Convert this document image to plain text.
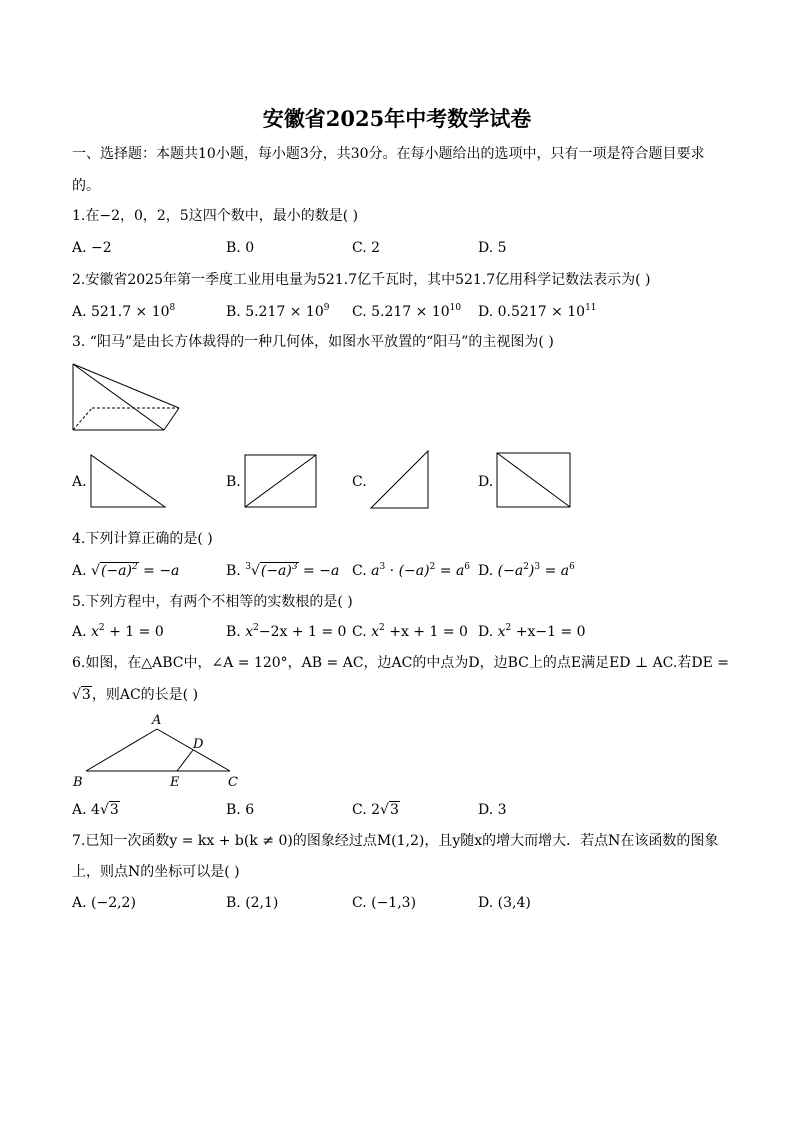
安徽省2025年中考数学试卷
一、选择题：本题共10小题，每小题3分，共30分。在每小题给出的选项中，只有一项是符合题目要求
的。
1.在−2，0，2，5这四个数中，最小的数是( )
A. −2	B. 0	C. 2	D. 5
2.安徽省2025年第一季度工业用电量为521.7亿千瓦时，其中521.7亿用科学记数法表示为( )
A. $521.7 \times 10^8$	B. $5.217 \times 10^9$ C. $5.217 \times 10^{10}$ D. $0.5217 \times 10^{11}$
3. “阳马”是由长方体裁得的一种几何体，如图水平放置的“阳马”的主视图为( )
A.	B.	C.	D.
4.下列计算正确的是( )
A. $√(-a)^2 = -a$	B. $^3√(-a)^3 = -a$ C. $a^3 \cdot (-a)^2 = a^6$ D. $(-a^2)^3 = a^6$
5.下列方程中，有两个不相等的实数根的是( )
A. $x^2 + 1 = 0$	B. $x^2-2x + 1 = 0$ C. $x^2 +x + 1 = 0$ D. $x^2 +x-1 = 0$
6.如图，在△ABC中，∠A = 120°，AB = AC，边AC的中点为D，边BC上的点E满足ED ⊥ AC.若DE =
√3，则AC的长是( )
A
B	C
D
E
A. 4√3	B. 6	C. 2√3	D. 3
7.已知一次函数y = kx + b(k ≠ 0)的图象经过点M(1,2)，且y随x的增大而增大．若点N在该函数的图象
上，则点N的坐标可以是( )
A. (−2,2)	B. (2,1)	C. (−1,3)	D. (3,4)
